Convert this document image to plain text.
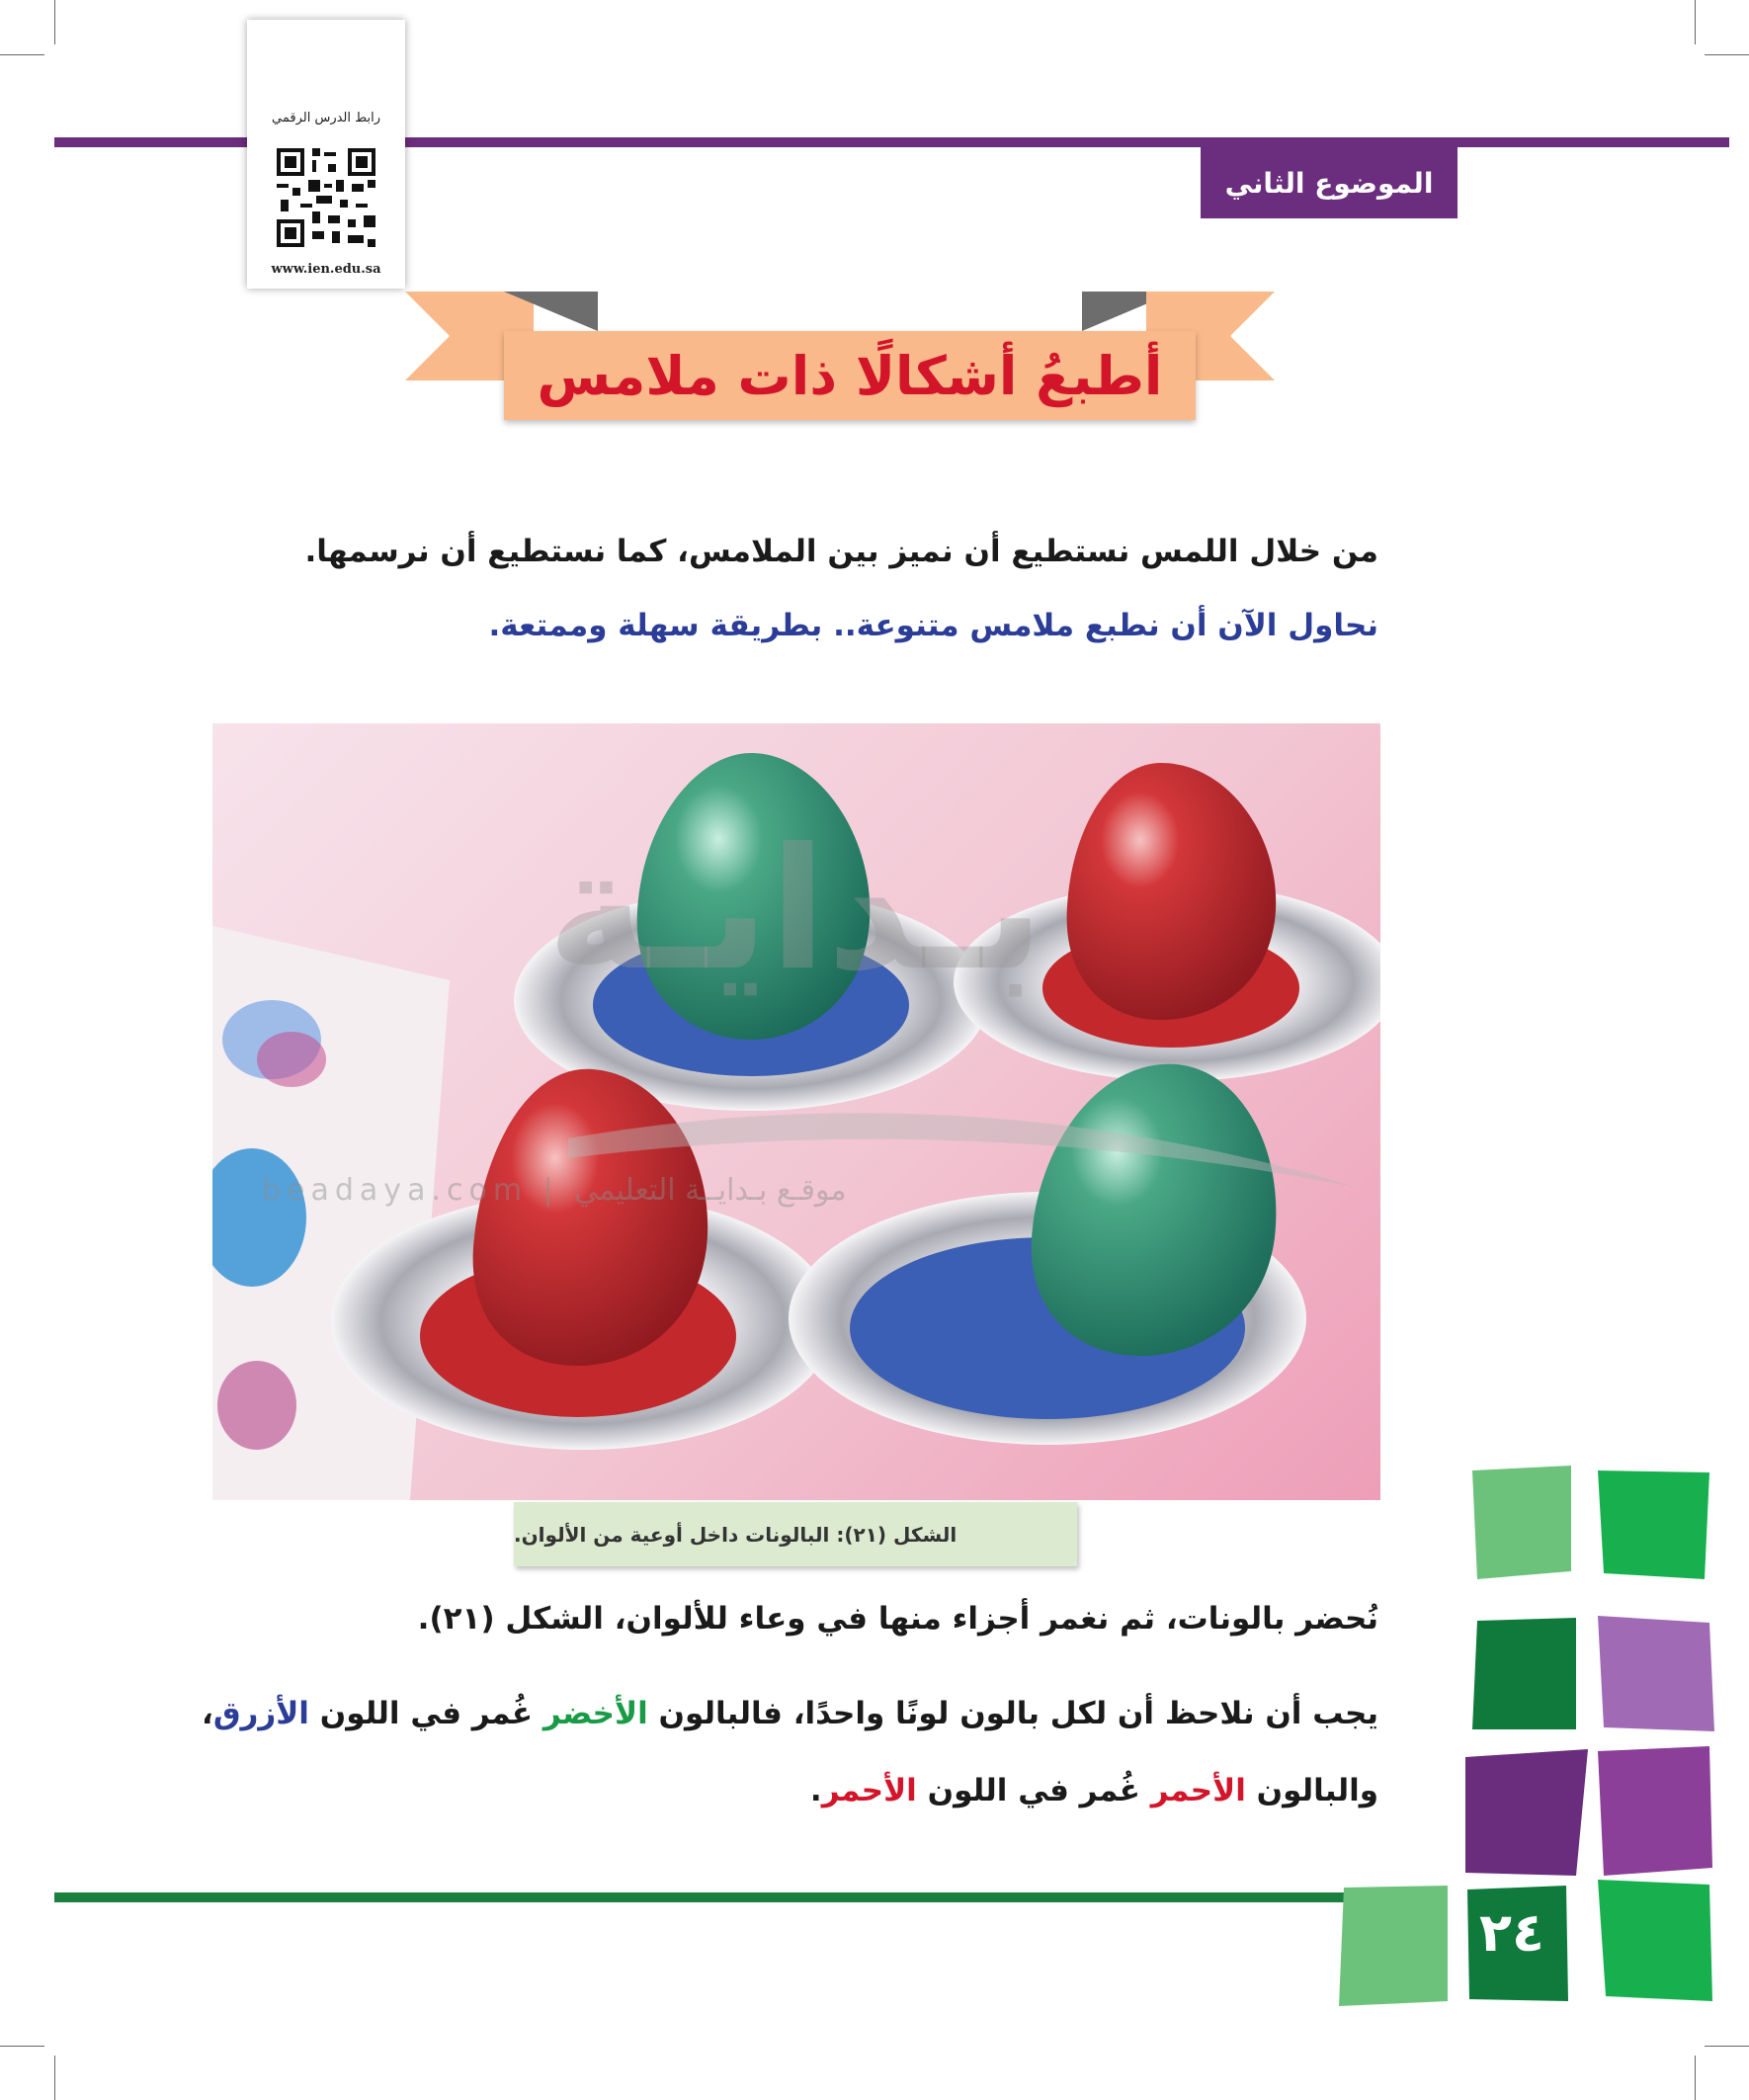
الموضوع الثاني
رابط الدرس الرقمي
www.ien.edu.sa
أطبعُ أشكالًا ذات ملامس
من خلال اللمس نستطيع أن نميز بين الملامس، كما نستطيع أن نرسمها.
نحاول الآن أن نطبع ملامس متنوعة.. بطريقة سهلة وممتعة.
بـدايـة
beadaya.com | موقـع بـدايــة التعليمي
الشكل (٢١): البالونات داخل أوعية من الألوان.
نُحضر بالونات، ثم نغمر أجزاء منها في وعاء للألوان، الشكل (٢١).
يجب أن نلاحظ أن لكل بالون لونًا واحدًا، فالبالون الأخضر غُمر في اللون الأزرق، والبالون الأحمر غُمر في اللون الأحمر.
٢٤
